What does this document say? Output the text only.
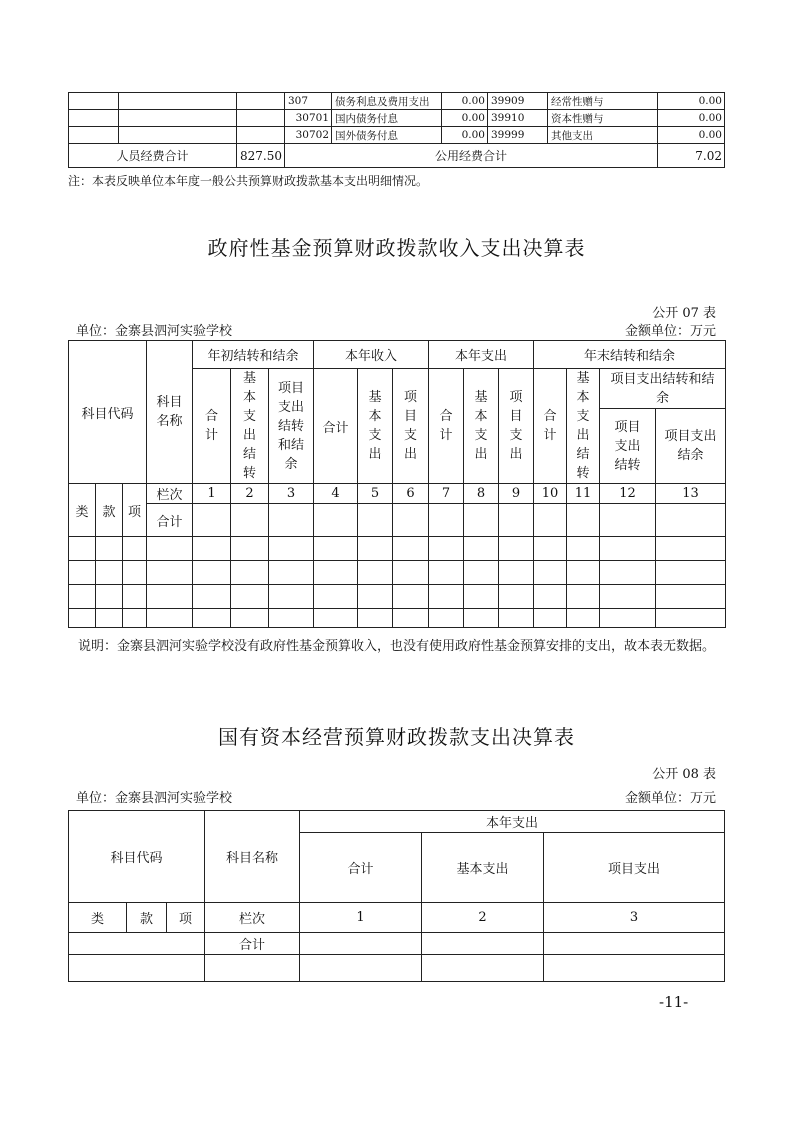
			307	债务利息及费用支出	0.00	39909	经常性赠与	0.00
			30701	国内债务付息	0.00	39910	资本性赠与	0.00
			30702	国外债务付息	0.00	39999	其他支出	0.00
人员经费合计		827.50	公用经费合计					7.02
注：本表反映单位本年度一般公共预算财政拨款基本支出明细情况。
政府性基金预算财政拨款收入支出决算表
公开 07 表
单位：金寨县泗河实验学校	金额单位：万元
科目代码			科目名称	年初结转和结余			本年收入			本年支出			年末结转和结余			

				合计	基本支出结转	项目支出结转和结余	合计	基本支出	项目支出	合计	基本支出	项目支出	合计	基本支出结转	项目支出结转和结余	

															项目支出结转	项目支出结余

类	款	项	栏次	1	2	3	4	5	6	7	8	9	10	11	12	13
			合计													

说明：金寨县泗河实验学校没有政府性基金预算收入，也没有使用政府性基金预算安排的支出，故本表无数据。
国有资本经营预算财政拨款支出决算表
公开 08 表
单位：金寨县泗河实验学校	金额单位：万元
科目代码			科目名称	本年支出		
				合计	基本支出	项目支出
类	款	项	栏次	1	2	3
			合计			

-11-
